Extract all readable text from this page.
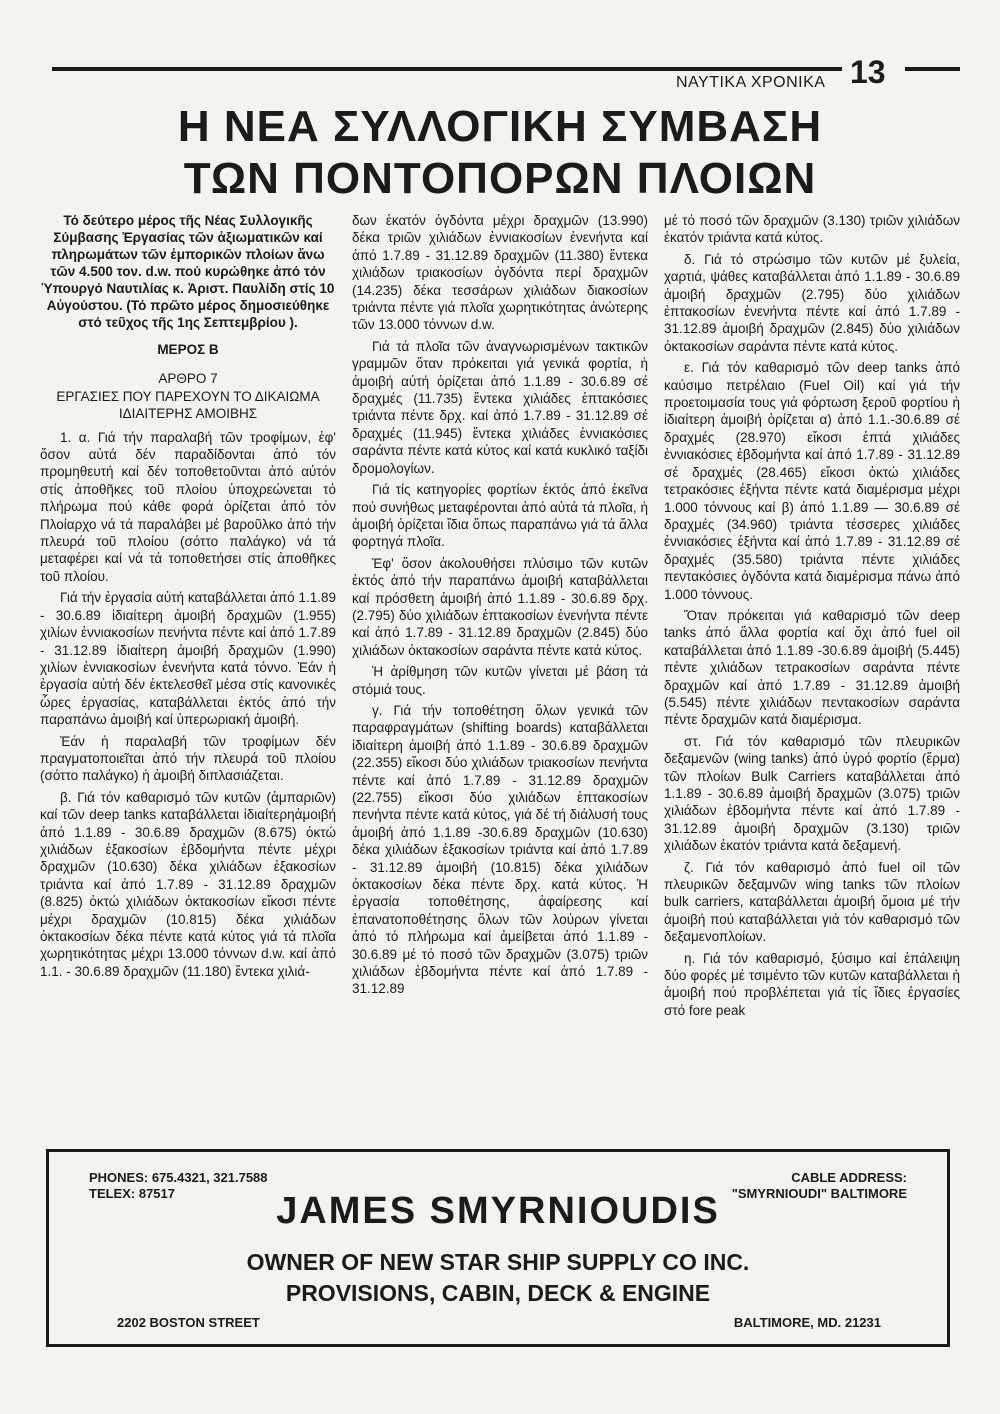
ΝΑΥΤΙΚΑ ΧΡΟΝΙΚΑ 13
Η ΝΕΑ ΣΥΛΛΟΓΙΚΗ ΣΥΜΒΑΣΗ
ΤΩΝ ΠΟΝΤΟΠΟΡΩΝ ΠΛΟΙΩΝ

Τό δεύτερο μέρος τῆς Νέας Συλλογικῆς Σύμβασης Ἐργασίας τῶν ἀξιωματικῶν καί πληρωμάτων τῶν ἐμπορικῶν πλοίων ἄνω τῶν 4.500 τον. d.w. πού κυρώθηκε ἀπό τόν Ὑπουργό Ναυτιλίας κ. Ἀριστ. Παυλίδη στίς 10 Αὐγούστου. (Τό πρῶτο μέρος δημοσιεύθηκε στό τεῦχος τῆς 1ης Σεπτεμβρίου ).

ΜΕΡΟΣ Β

ΑΡΘΡΟ 7

ΕΡΓΑΣΙΕΣ ΠΟΥ ΠΑΡΕΧΟΥΝ ΤΟ ΔΙΚΑΙΩΜΑ ΙΔΙΑΙΤΕΡΗΣ ΑΜΟΙΒΗΣ

1. α. Γιά τήν παραλαβή τῶν τροφίμων, ἐφ' ὅσον αὐτά δέν παραδίδονται ἀπό τόν προμηθευτή καί δέν τοποθετοῦνται ἀπό αὐτόν στίς ἀποθῆκες τοῦ πλοίου ὑποχρεώνεται τό πλήρωμα πού κάθε φορά ὁρίζεται ἀπό τόν Πλοίαρχο νά τά παραλάβει μέ βαροῦλκο ἀπό τήν πλευρά τοῦ πλοίου (σόττο παλάγκο) νά τά μεταφέρει καί νά τά τοποθετήσει στίς ἀποθῆκες τοῦ πλοίου.

Γιά τήν ἐργασία αὐτή καταβάλλεται ἀπό 1.1.89 - 30.6.89 ἰδιαίτερη ἀμοιβή δραχμῶν (1.955) χιλίων ἐννιακοσίων πενήντα πέντε καί ἀπό 1.7.89 - 31.12.89 ἰδιαίτερη ἀμοιβή δραχμῶν (1.990) χιλίων ἐννιακοσίων ἐνενήντα κατά τόννο. Ἐάν ἡ ἐργασία αὐτή δέν ἐκτελεσθεῖ μέσα στίς κανονικές ὧρες ἐργασίας, καταβάλλεται ἐκτός ἀπό τήν παραπάνω ἀμοιβή καί ὑπερωριακή ἀμοιβή.

Ἐάν ἡ παραλαβή τῶν τροφίμων δέν πραγματοποιεῖται ἀπό τήν πλευρά τοῦ πλοίου (σόττο παλάγκο) ἡ ἀμοιβή διπλασιάζεται.

β. Γιά τόν καθαρισμό τῶν κυτῶν (ἀμπαριῶν) καί τῶν deep tanks καταβάλλεται ἰδιαίτερηἀμοιβή ἀπό 1.1.89 - 30.6.89 δραχμῶν (8.675) ὀκτώ χιλιάδων ἑξακοσίων ἑβδομήντα πέντε μέχρι δραχμῶν (10.630) δέκα χιλιάδων ἑξακοσίων τριάντα καί ἀπό 1.7.89 - 31.12.89 δραχμῶν (8.825) ὀκτώ χιλιάδων ὀκτακοσίων εἴκοσι πέντε μέχρι δραχμῶν (10.815) δέκα χιλιάδων ὀκτακοσίων δέκα πέντε κατά κύτος γιά τά πλοῖα χωρητικότητας μέχρι 13.000 τόννων d.w. καί ἀπό 1.1. - 30.6.89 δραχμῶν (11.180) ἕντεκα χιλιά-

δων ἑκατόν ὀγδόντα μέχρι δραχμῶν (13.990) δέκα τριῶν χιλιάδων ἐννιακοσίων ἐνενήντα καί ἀπό 1.7.89 - 31.12.89 δραχμῶν (11.380) ἕντεκα χιλιάδων τριακοσίων ὀγδόντα περί δραχμῶν (14.235) δέκα τεσσάρων χιλιάδων διακοσίων τριάντα πέντε γιά πλοῖα χωρητικότητας ἀνώτερης τῶν 13.000 τόννων d.w.

Γιά τά πλοῖα τῶν ἀναγνωρισμένων τακτικῶν γραμμῶν ὅταν πρόκειται γιά γενικά φορτία, ἡ ἀμοιβή αὐτή ὁρίζεται ἀπό 1.1.89 - 30.6.89 σέ δραχμές (11.735) ἕντεκα χιλιάδες ἑπτακόσιες τριάντα πέντε δρχ. καί ἀπό 1.7.89 - 31.12.89 σέ δραχμές (11.945) ἕντεκα χιλιάδες ἐννιακόσιες σαράντα πέντε κατά κύτος καί κατά κυκλικό ταξίδι δρομολογίων.

Γιά τίς κατηγορίες φορτίων ἐκτός ἀπό ἐκεῖνα πού συνήθως μεταφέρονται ἀπό αὐτά τά πλοῖα, ἡ ἀμοιβή ὁρίζεται ἴδια ὅπως παραπάνω γιά τά ἄλλα φορτηγά πλοῖα.

Ἐφ' ὅσον ἀκολουθήσει πλύσιμο τῶν κυτῶν ἐκτός ἀπό τήν παραπάνω ἀμοιβή καταβάλλεται καί πρόσθετη ἀμοιβή ἀπό 1.1.89 - 30.6.89 δρχ. (2.795) δύο χιλιάδων ἑπτακοσίων ἐνενήντα πέντε καί ἀπό 1.7.89 - 31.12.89 δραχμῶν (2.845) δύο χιλιάδων ὀκτακοσίων σαράντα πέντε κατά κύτος.

Ἡ ἀρίθμηση τῶν κυτῶν γίνεται μέ βάση τά στόμιά τους.

γ. Γιά τήν τοποθέτηση ὅλων γενικά τῶν παραφραγμάτων (shifting boards) καταβάλλεται ἰδιαίτερη ἀμοιβή ἀπό 1.1.89 - 30.6.89 δραχμῶν (22.355) εἴκοσι δύο χιλιάδων τριακοσίων πενήντα πέντε καί ἀπό 1.7.89 - 31.12.89 δραχμῶν (22.755) εἴκοσι δύο χιλιάδων ἑπτακοσίων πενήντα πέντε κατά κύτος, γιά δέ τή διάλυσή τους ἀμοιβή ἀπό 1.1.89 -30.6.89 δραχμῶν (10.630) δέκα χιλιάδων ἑξακοσίων τριάντα καί ἀπό 1.7.89 - 31.12.89 ἀμοιβή (10.815) δέκα χιλιάδων ὀκτακοσίων δέκα πέντε δρχ. κατά κύτος. Ἡ ἐργασία τοποθέτησης, ἀφαίρεσης καί ἐπανατοποθέτησης ὅλων τῶν λούρων γίνεται ἀπό τό πλήρωμα καί ἀμείβεται ἀπό 1.1.89 - 30.6.89 μέ τό ποσό τῶν δραχμῶν (3.075) τριῶν χιλιάδων ἑβδομήντα πέντε καί ἀπό 1.7.89 - 31.12.89

μέ τό ποσό τῶν δραχμῶν (3.130) τριῶν χιλιάδων ἑκατόν τριάντα κατά κύτος.

δ. Γιά τό στρώσιμο τῶν κυτῶν μέ ξυλεία, χαρτιά, ψάθες καταβάλλεται ἀπό 1.1.89 - 30.6.89 ἀμοιβή δραχμῶν (2.795) δύο χιλιάδων ἑπτακοσίων ἐνενήντα πέντε καί ἀπό 1.7.89 - 31.12.89 ἀμοιβή δραχμῶν (2.845) δύο χιλιάδων ὀκτακοσίων σαράντα πέντε κατά κύτος.

ε. Γιά τόν καθαρισμό τῶν deep tanks ἀπό καύσιμο πετρέλαιο (Fuel Oil) καί γιά τήν προετοιμασία τους γιά φόρτωση ξεροῦ φορτίου ἡ ἰδιαίτερη ἀμοιβή ὁρίζεται α) ἀπό 1.1.-30.6.89 σέ δραχμές (28.970) εἴκοσι ἑπτά χιλιάδες ἐννιακόσιες ἑβδομήντα καί ἀπό 1.7.89 - 31.12.89 σέ δραχμές (28.465) εἴκοσι ὀκτώ χιλιάδες τετρακόσιες ἑξήντα πέντε κατά διαμέρισμα μέχρι 1.000 τόννους καί β) ἀπό 1.1.89 — 30.6.89 σέ δραχμές (34.960) τριάντα τέσσερες χιλιάδες ἐννιακόσιες ἑξήντα καί ἀπό 1.7.89 - 31.12.89 σέ δραχμές (35.580) τριάντα πέντε χιλιάδες πεντακόσιες ὀγδόντα κατά διαμέρισμα πάνω ἀπό 1.000 τόννους.

Ὅταν πρόκειται γιά καθαρισμό τῶν deep tanks ἀπό ἄλλα φορτία καί ὄχι ἀπό fuel oil καταβάλλεται ἀπό 1.1.89 -30.6.89 ἀμοιβή (5.445) πέντε χιλιάδων τετρακοσίων σαράντα πέντε δραχμῶν καί ἀπό 1.7.89 - 31.12.89 ἀμοιβή (5.545) πέντε χιλιάδων πεντακοσίων σαράντα πέντε δραχμῶν κατά διαμέρισμα.

στ. Γιά τόν καθαρισμό τῶν πλευρικῶν δεξαμενῶν (wing tanks) ἀπό ὑγρό φορτίο (ἕρμα) τῶν πλοίων Bulk Carriers καταβάλλεται ἀπό 1.1.89 - 30.6.89 ἀμοιβή δραχμῶν (3.075) τριῶν χιλιάδων ἑβδομήντα πέντε καί ἀπό 1.7.89 - 31.12.89 ἀμοιβή δραχμῶν (3.130) τριῶν χιλιάδων ἑκατόν τριάντα κατά δεξαμενή.

ζ. Γιά τόν καθαρισμό ἀπό fuel oil τῶν πλευρικῶν δεξαμνῶν wing tanks τῶν πλοίων bulk carriers, καταβάλλεται ἀμοιβή ὅμοια μέ τήν ἀμοιβή πού καταβάλλεται γιά τόν καθαρισμό τῶν δεξαμενοπλοίων.

η. Γιά τόν καθαρισμό, ξύσιμο καί ἐπάλειψη δύο φορές μέ τσιμέντο τῶν κυτῶν καταβάλλεται ἡ ἀμοιβή πού προβλέπεται γιά τίς ἴδιες ἐργασίες στό fore peak

PHONES: 675.4321, 321.7588
TELEX: 87517
CABLE ADDRESS:
"SMYRNIOUDI" BALTIMORE
JAMES SMYRNIOUDIS
OWNER OF NEW STAR SHIP SUPPLY CO INC.
PROVISIONS, CABIN, DECK & ENGINE
2202 BOSTON STREET	BALTIMORE, MD. 21231
